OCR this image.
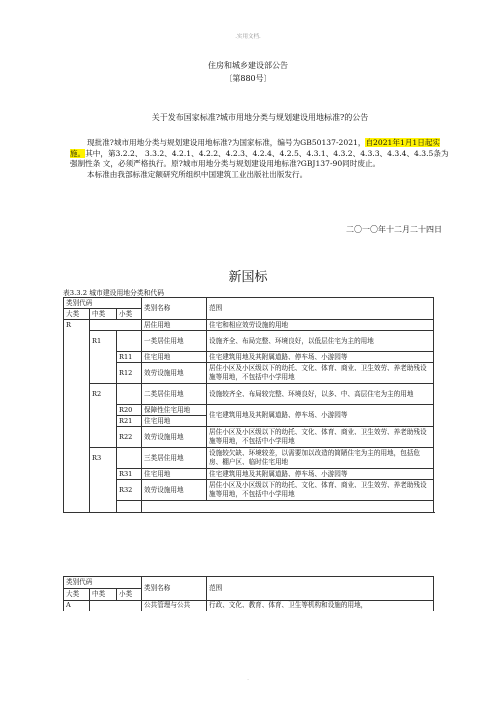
.实用文档.
住房和城乡建设部公告
〔第880号〕
关于发布国家标准?城市用地分类与规划建设用地标准?的公告

现批准?城市用地分类与规划建设用地标准?为国家标准，编号为GB50137-2021，自2021年1月1日起实施。其中，第3.2.2、 3.3.2、4.2.1、4.2.2、4.2.3、4.2.4、4.2.5、4.3.1、4.3.2、4.3.3、4.3.4、4.3.5条为强制性条 文，必须严格执行。原?城市用地分类与规划建设用地标准?GBJ137-90同时废止。

本标准由我部标准定额研究所组织中国建筑工业出版社出版发行。

二〇一〇年十二月二十四日
新国标
表3.3.2 城市建设用地分类和代码
类别代码			类别名称	范围
大类	中类	小类		
R			居住用地	住宅和相应效劳设施的用地
	R1		一类居住用地	设施齐全、布局完整、环境良好，以低层住宅为主的用地
		R11	住宅用地	住宅建筑用地及其附属道路、停车场、小游园等
		R12	效劳设施用地	居住小区及小区级以下的幼托、文化、体育、商业、卫生效劳、养老助残设施等用地，不包括中小学用地
	R2		二类居住用地	设施较齐全、布局较完整、环境良好，以多、中、高层住宅为主的用地
		R20	保障性住宅用地	住宅建筑用地及其附属道路、停车场、小游园等
		R21	住宅用地	
		R22	效劳设施用地	居住小区及小区级以下的幼托、文化、体育、商业、卫生效劳、养老助残设施等用地，不包括中小学用地
	R3		三类居住用地	设施较欠缺、环境较差，以需要加以改造的简陋住宅为主的用地，包括危房、棚户区、临时住宅用地
		R31	住宅用地	住宅建筑用地及其附属道路、停车场、小游园等
		R32	效劳设施用地	居住小区及小区级以下的幼托、文化、体育、商业、卫生效劳、养老助残设施等用地，不包括中小学用地

类别代码			类别名称	范围
大类	中类	小类		
A			公共管理与公共	行政、文化、教育、体育、卫生等机构和设施的用地，
.
